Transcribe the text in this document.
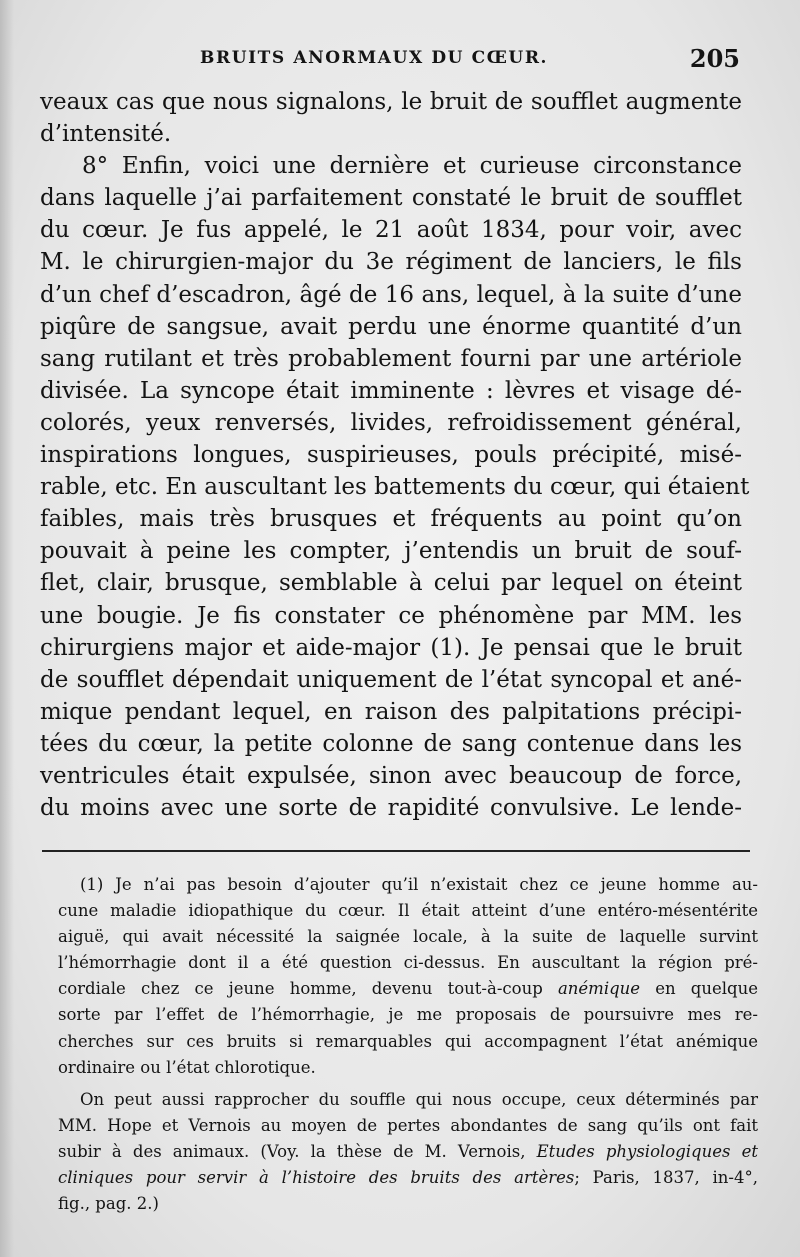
BRUITS ANORMAUX DU CŒUR.	205
veaux cas que nous signalons, le bruit de soufflet augmente
d’intensité.
8° Enfin, voici une dernière et curieuse circonstance
dans laquelle j’ai parfaitement constaté le bruit de soufflet
du cœur. Je fus appelé, le 21 août 1834, pour voir, avec
M. le chirurgien-major du 3e régiment de lanciers, le fils
d’un chef d’escadron, âgé de 16 ans, lequel, à la suite d’une
piqûre de sangsue, avait perdu une énorme quantité d’un
sang rutilant et très probablement fourni par une artériole
divisée. La syncope était imminente : lèvres et visage dé-
colorés, yeux renversés, livides, refroidissement général,
inspirations longues, suspirieuses, pouls précipité, misé-
rable, etc. En auscultant les battements du cœur, qui étaient
faibles, mais très brusques et fréquents au point qu’on
pouvait à peine les compter, j’entendis un bruit de souf-
flet, clair, brusque, semblable à celui par lequel on éteint
une bougie. Je fis constater ce phénomène par MM. les
chirurgiens major et aide-major (1). Je pensai que le bruit
de soufflet dépendait uniquement de l’état syncopal et ané-
mique pendant lequel, en raison des palpitations précipi-
tées du cœur, la petite colonne de sang contenue dans les
ventricules était expulsée, sinon avec beaucoup de force,
du moins avec une sorte de rapidité convulsive. Le lende-
(1) Je n’ai pas besoin d’ajouter qu’il n’existait chez ce jeune homme au-
cune maladie idiopathique du cœur. Il était atteint d’une entéro-mésentérite
aiguë, qui avait nécessité la saignée locale, à la suite de laquelle survint
l’hémorrhagie dont il a été question ci-dessus. En auscultant la région pré-
cordiale chez ce jeune homme, devenu tout-à-coup anémique en quelque
sorte par l’effet de l’hémorrhagie, je me proposais de poursuivre mes re-
cherches sur ces bruits si remarquables qui accompagnent l’état anémique
ordinaire ou l’état chlorotique.
On peut aussi rapprocher du souffle qui nous occupe, ceux déterminés par
MM. Hope et Vernois au moyen de pertes abondantes de sang qu’ils ont fait
subir à des animaux. (Voy. la thèse de M. Vernois, Etudes physiologiques et
cliniques pour servir à l’histoire des bruits des artères; Paris, 1837, in-4°,
fig., pag. 2.)
